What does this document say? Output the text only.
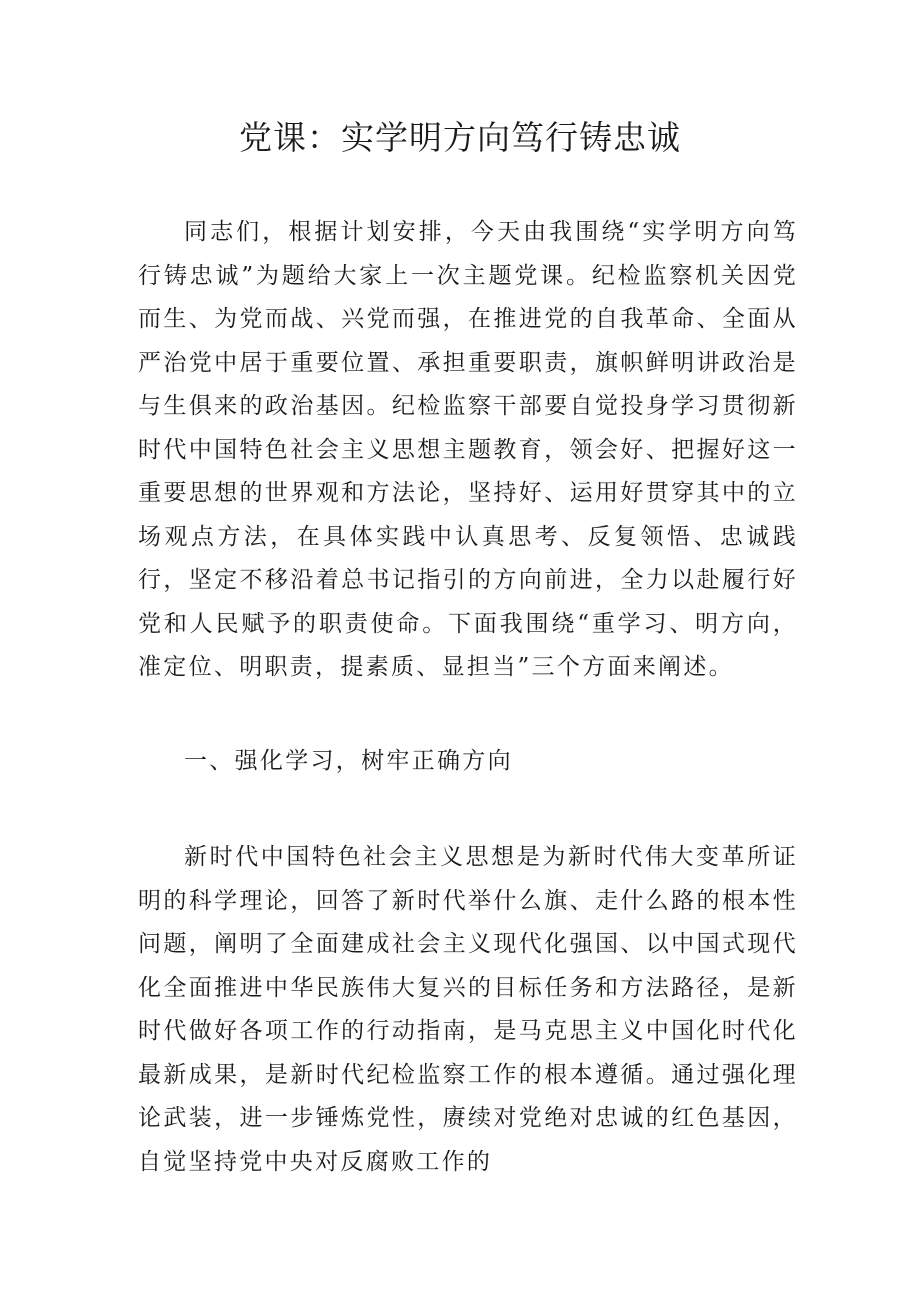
党课：实学明方向笃行铸忠诚

同志们，根据计划安排，今天由我围绕“实学明方向笃行铸忠诚”为题给大家上一次主题党课。纪检监察机关因党而生、为党而战、兴党而强，在推进党的自我革命、全面从严治党中居于重要位置、承担重要职责，旗帜鲜明讲政治是与生俱来的政治基因。纪检监察干部要自觉投身学习贯彻新时代中国特色社会主义思想主题教育，领会好、把握好这一重要思想的世界观和方法论，坚持好、运用好贯穿其中的立场观点方法，在具体实践中认真思考、反复领悟、忠诚践行，坚定不移沿着总书记指引的方向前进，全力以赴履行好党和人民赋予的职责使命。下面我围绕“重学习、明方向，准定位、明职责，提素质、显担当”三个方面来阐述。

一、强化学习，树牢正确方向

新时代中国特色社会主义思想是为新时代伟大变革所证明的科学理论，回答了新时代举什么旗、走什么路的根本性问题，阐明了全面建成社会主义现代化强国、以中国式现代化全面推进中华民族伟大复兴的目标任务和方法路径，是新时代做好各项工作的行动指南，是马克思主义中国化时代化最新成果，是新时代纪检监察工作的根本遵循。通过强化理论武装，进一步锤炼党性，赓续对党绝对忠诚的红色基因，自觉坚持党中央对反腐败工作的
